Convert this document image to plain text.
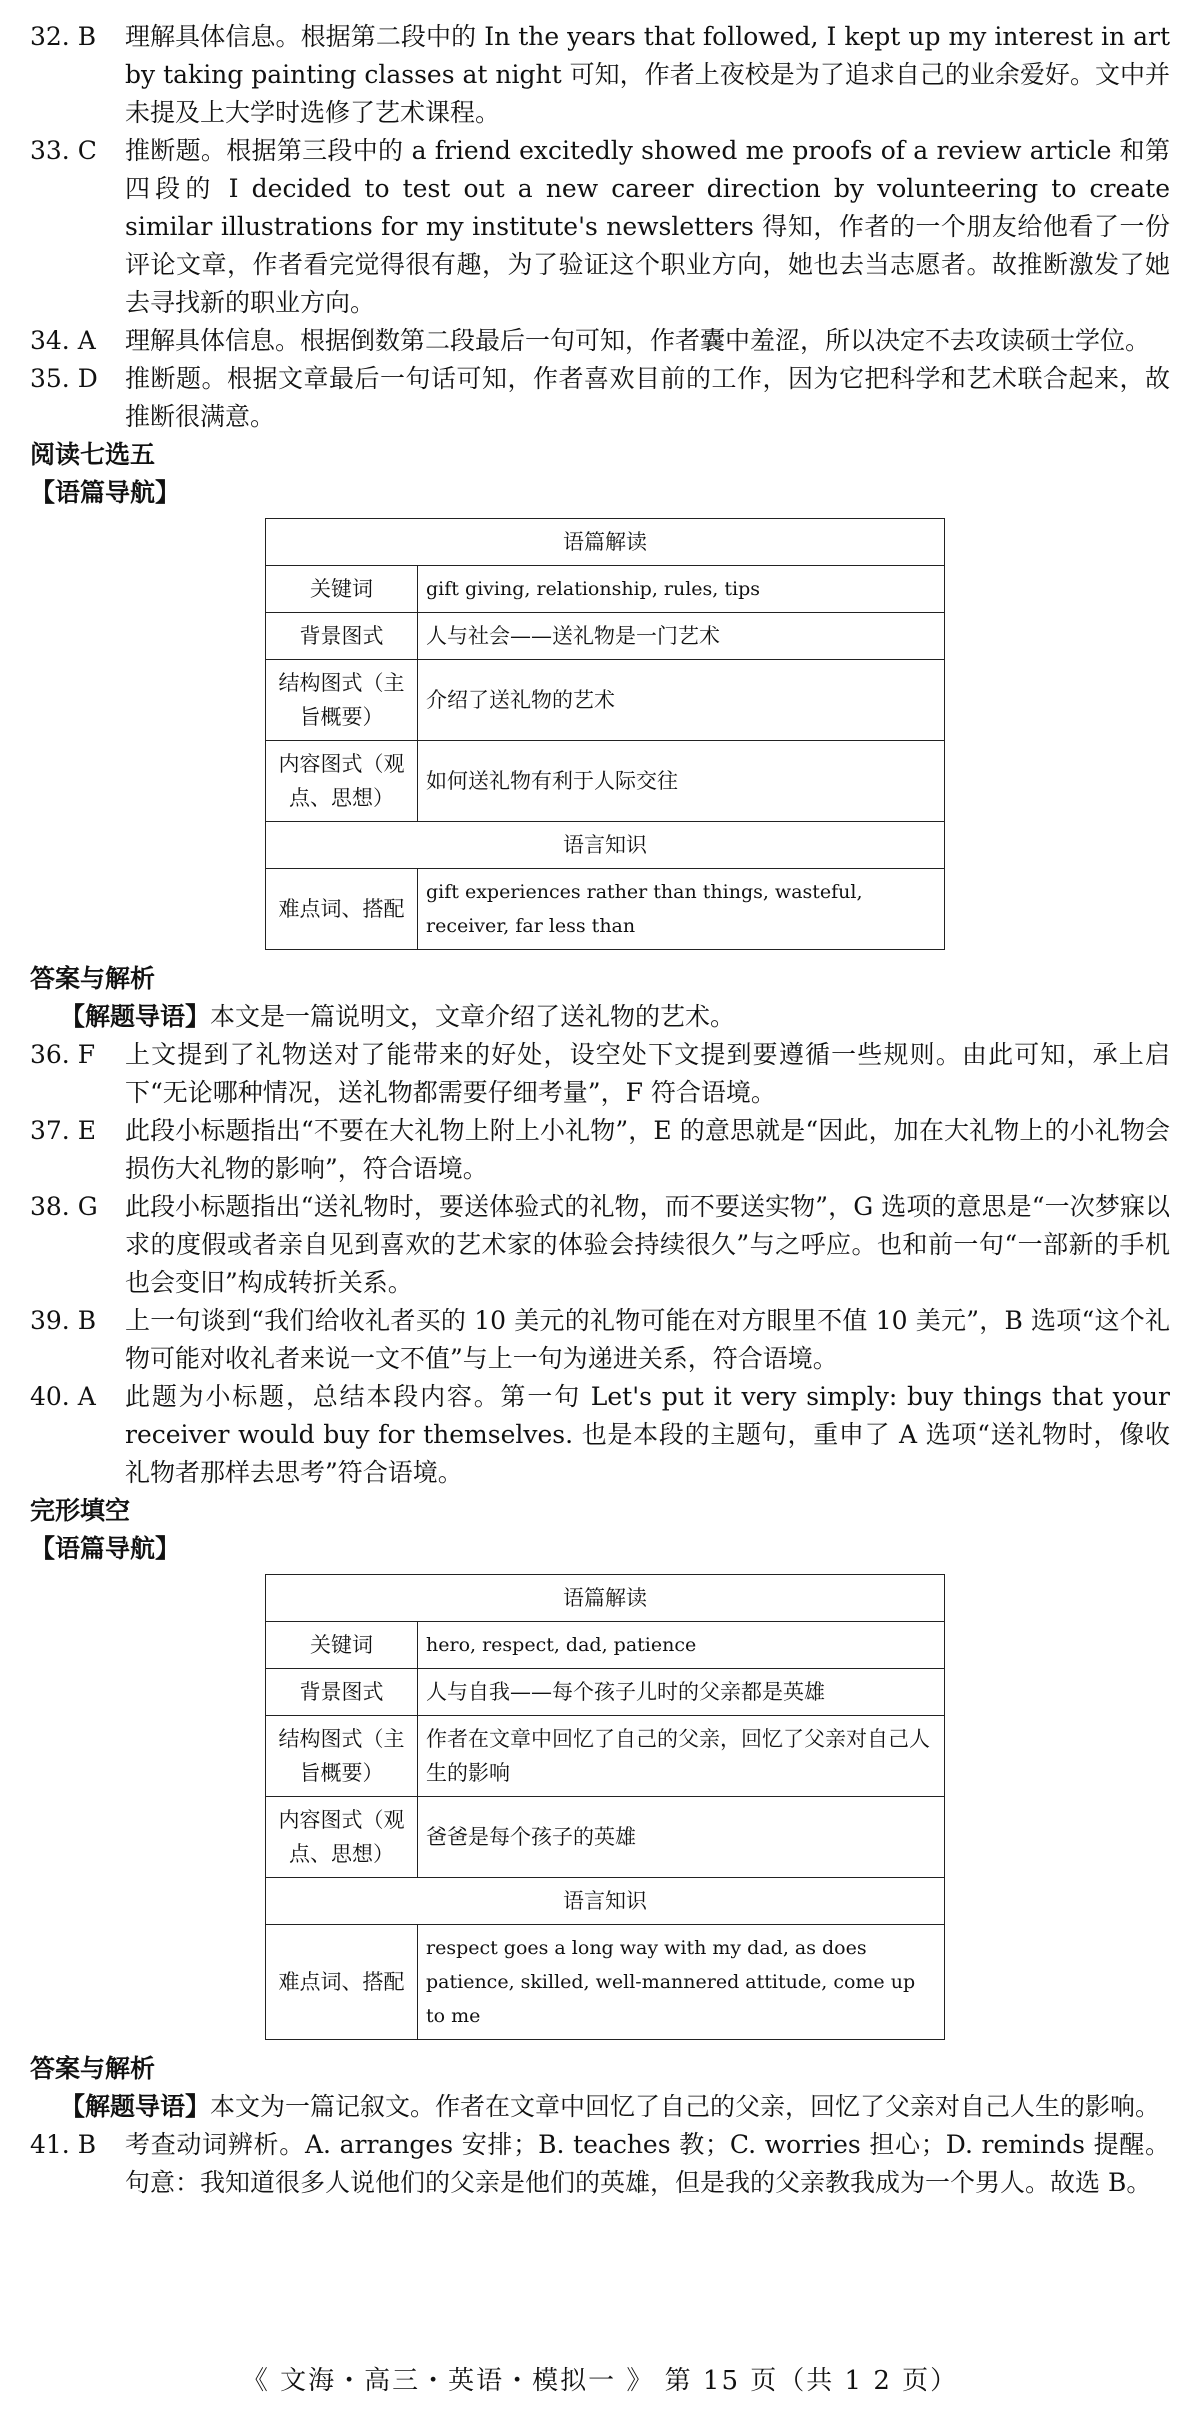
32. B	理解具体信息。根据第二段中的 In the years that followed, I kept up my interest in art by taking painting classes at night 可知，作者上夜校是为了追求自己的业余爱好。文中并未提及上大学时选修了艺术课程。
33. C	推断题。根据第三段中的 a friend excitedly showed me proofs of a review article 和第四段的 I decided to test out a new career direction by volunteering to create similar illustrations for my institute's newsletters 得知，作者的一个朋友给他看了一份评论文章，作者看完觉得很有趣，为了验证这个职业方向，她也去当志愿者。故推断激发了她去寻找新的职业方向。
34. A	理解具体信息。根据倒数第二段最后一句可知，作者囊中羞涩，所以决定不去攻读硕士学位。
35. D	推断题。根据文章最后一句话可知，作者喜欢目前的工作，因为它把科学和艺术联合起来，故推断很满意。
阅读七选五
【语篇导航】
语篇解读	
关键词	gift giving, relationship, rules, tips
背景图式	人与社会——送礼物是一门艺术
结构图式（主旨概要）	介绍了送礼物的艺术
内容图式（观点、思想）	如何送礼物有利于人际交往
语言知识	
难点词、搭配	gift experiences rather than things, wasteful, receiver, far less than
答案与解析
【解题导语】本文是一篇说明文，文章介绍了送礼物的艺术。
36. F	上文提到了礼物送对了能带来的好处，设空处下文提到要遵循一些规则。由此可知，承上启下“无论哪种情况，送礼物都需要仔细考量”，F 符合语境。
37. E	此段小标题指出“不要在大礼物上附上小礼物”，E 的意思就是“因此，加在大礼物上的小礼物会损伤大礼物的影响”，符合语境。
38. G	此段小标题指出“送礼物时，要送体验式的礼物，而不要送实物”，G 选项的意思是“一次梦寐以求的度假或者亲自见到喜欢的艺术家的体验会持续很久”与之呼应。也和前一句“一部新的手机也会变旧”构成转折关系。
39. B	上一句谈到“我们给收礼者买的 10 美元的礼物可能在对方眼里不值 10 美元”，B 选项“这个礼物可能对收礼者来说一文不值”与上一句为递进关系，符合语境。
40. A	此题为小标题，总结本段内容。第一句 Let's put it very simply: buy things that your receiver would buy for themselves. 也是本段的主题句，重申了 A 选项“送礼物时，像收礼物者那样去思考”符合语境。
完形填空
【语篇导航】
语篇解读	
关键词	hero, respect, dad, patience
背景图式	人与自我——每个孩子儿时的父亲都是英雄
结构图式（主旨概要）	作者在文章中回忆了自己的父亲，回忆了父亲对自己人生的影响
内容图式（观点、思想）	爸爸是每个孩子的英雄
语言知识	
难点词、搭配	respect goes a long way with my dad, as does patience, skilled, well-mannered attitude, come up to me
答案与解析
【解题导语】本文为一篇记叙文。作者在文章中回忆了自己的父亲，回忆了父亲对自己人生的影响。
41. B	考查动词辨析。A. arranges 安排；B. teaches 教；C. worries 担心；D. reminds 提醒。句意：我知道很多人说他们的父亲是他们的英雄，但是我的父亲教我成为一个男人。故选 B。
《 文海・高三・英语・模拟一 》 第 15 页（共 1 2 页）
